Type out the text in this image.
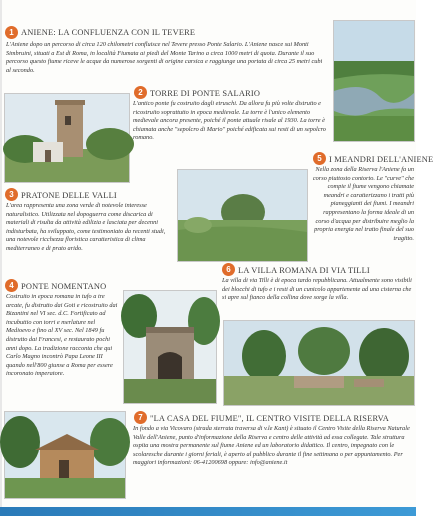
1 ANIENE: LA CONFLUENZA CON IL TEVERE
L'Aniene dopo un percorso di circa 120 chilometri confluisce nel Tevere presso Ponte Salario. L'Aniene nasce sui Monti Simbruini, situati a Est di Roma, in località Fiumata ai piedi del Monte Tarino a circa 1000 metri di quota. Durante il suo percorso questo fiume riceve le acque da numerose sorgenti di origine carsica e raggiunge una portata di circa 25 metri cubi al secondo.
2 TORRE DI PONTE SALARIO
L'antico ponte fu costruito dagli etruschi. Da allora fu più volte distrutto e ricostruito soprattutto in epoca medievale. La torre è l'unico elemento medievale ancora presente, poiché il ponte attuale risale al 1930. La torre è chiamata anche "sepolcro di Mario" poiché edificata sui resti di un sepolcro romano.
3 PRATONE DELLE VALLI
L'area rappresenta una zona verde di notevole interesse naturalistico. Utilizzata nel dopoguerra come discarica di materiali di risulta da attività edilizia e lasciata per decenni indisturbata, ha sviluppato, come testimoniato da recenti studi, una notevole ricchezza floristica caratteristica di clima mediterraneo e di prato arido.
5 I MEANDRI DELL'ANIENE
Nella zona della Riserva l'Aniene fa un corso piuttosto contorto. Le "curve" che compie il fiume vengono chiamate meandri e caratterizzano i tratti più pianeggianti dei fiumi. I meandri rappresentano la forma ideale di un corso d'acqua per distribuire meglio la propria energia nel tratto finale del suo tragitto.
4 PONTE NOMENTANO
Costruito in epoca romana in tufo a tre arcate, fu distrutto dai Goti e ricostruito dai Bizantini nel VI sec. d.C. Fortificato ad incubuttio con torri e merlature nel Medioevo e fino al XV sec. Nel 1849 fu distrutto dai Francesi, e restaurato pochi anni dopo. La tradizione racconta che qui Carlo Magno incontrò Papa Leone III quando nell'800 giunse a Roma per essere incoronato imperatore.
6 LA VILLA ROMANA DI VIA TILLI
La villa di via Tilli è di epoca tardo repubblicana. Attualmente sono visibili dei blocchi di tufo e i resti di un cunicolo appartenente ad una cisterna che si apre sul fianco della collina dove sorge la villa.
7 "LA CASA DEL FIUME", IL CENTRO VISITE DELLA RISERVA
In fondo a via Vicovaro (strada sterrata traversa di v.le Kant) è situato il Centro Visite della Riserva Naturale Valle dell'Aniene, punto d'informazione della Riserva e centro delle attività ad essa collegate. Tale struttura ospita una mostra permanente sul fiume Aniene ed un laboratorio didattico. Il centro, impegnato con le scolaresche durante i giorni feriali, è aperto al pubblico durante il fine settimana o per appuntamento. Per maggiori informazioni: 06-41200698 oppure: info@aniene.it
